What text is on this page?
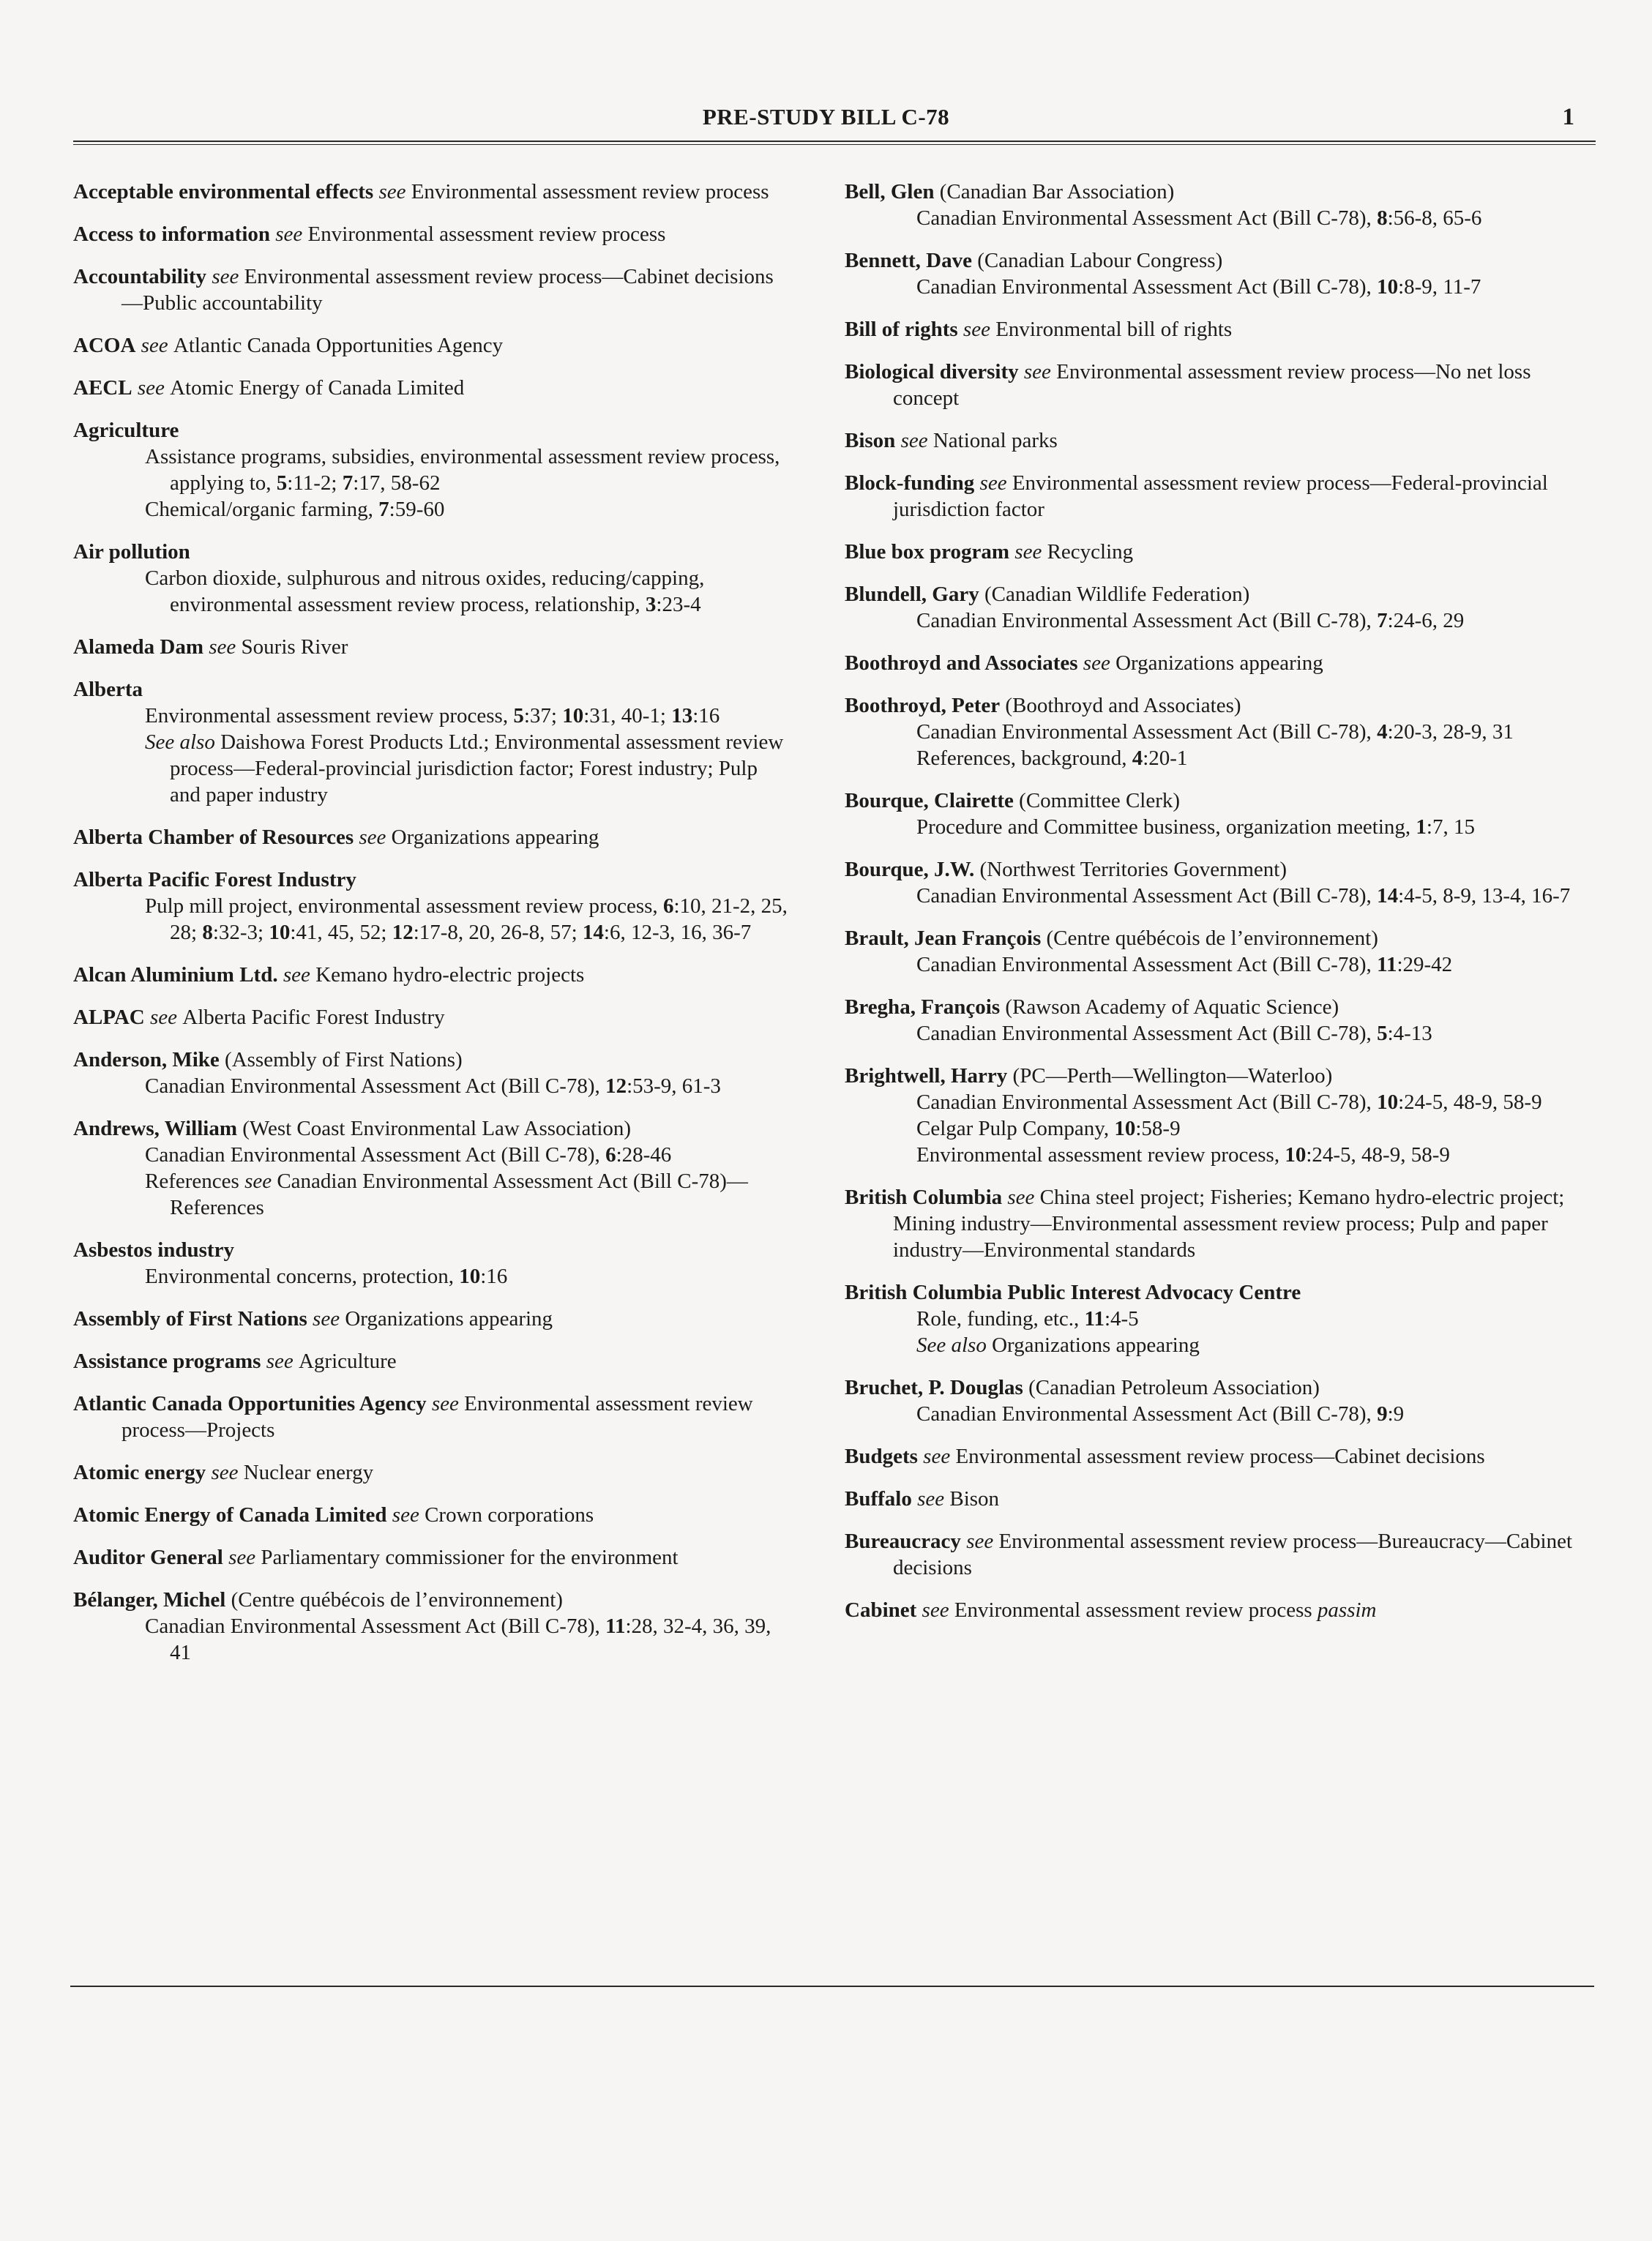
PRE-STUDY BILL C-78	1
Acceptable environmental effects see Environmental assessment review process
Access to information see Environmental assessment review process
Accountability see Environmental assessment review process—Cabinet decisions—Public accountability
ACOA see Atlantic Canada Opportunities Agency
AECL see Atomic Energy of Canada Limited
Agriculture
Assistance programs, subsidies, environmental assessment review process, applying to, 5:11-2; 7:17, 58-62
Chemical/organic farming, 7:59-60
Air pollution
Carbon dioxide, sulphurous and nitrous oxides, reducing/capping, environmental assessment review process, relationship, 3:23-4
Alameda Dam see Souris River
Alberta
Environmental assessment review process, 5:37; 10:31, 40-1; 13:16
See also Daishowa Forest Products Ltd.; Environmental assessment review process—Federal-provincial jurisdiction factor; Forest industry; Pulp and paper industry
Alberta Chamber of Resources see Organizations appearing
Alberta Pacific Forest Industry
Pulp mill project, environmental assessment review process, 6:10, 21-2, 25, 28; 8:32-3; 10:41, 45, 52; 12:17-8, 20, 26-8, 57; 14:6, 12-3, 16, 36-7
Alcan Aluminium Ltd. see Kemano hydro-electric projects
ALPAC see Alberta Pacific Forest Industry
Anderson, Mike (Assembly of First Nations)
Canadian Environmental Assessment Act (Bill C-78), 12:53-9, 61-3
Andrews, William (West Coast Environmental Law Association)
Canadian Environmental Assessment Act (Bill C-78), 6:28-46
References see Canadian Environmental Assessment Act (Bill C-78)—References
Asbestos industry
Environmental concerns, protection, 10:16
Assembly of First Nations see Organizations appearing
Assistance programs see Agriculture
Atlantic Canada Opportunities Agency see Environmental assessment review process—Projects
Atomic energy see Nuclear energy
Atomic Energy of Canada Limited see Crown corporations
Auditor General see Parliamentary commissioner for the environment
Bélanger, Michel (Centre québécois de l’environnement)
Canadian Environmental Assessment Act (Bill C-78), 11:28, 32-4, 36, 39, 41
Bell, Glen (Canadian Bar Association)
Canadian Environmental Assessment Act (Bill C-78), 8:56-8, 65-6
Bennett, Dave (Canadian Labour Congress)
Canadian Environmental Assessment Act (Bill C-78), 10:8-9, 11-7
Bill of rights see Environmental bill of rights
Biological diversity see Environmental assessment review process—No net loss concept
Bison see National parks
Block-funding see Environmental assessment review process—Federal-provincial jurisdiction factor
Blue box program see Recycling
Blundell, Gary (Canadian Wildlife Federation)
Canadian Environmental Assessment Act (Bill C-78), 7:24-6, 29
Boothroyd and Associates see Organizations appearing
Boothroyd, Peter (Boothroyd and Associates)
Canadian Environmental Assessment Act (Bill C-78), 4:20-3, 28-9, 31
References, background, 4:20-1
Bourque, Clairette (Committee Clerk)
Procedure and Committee business, organization meeting, 1:7, 15
Bourque, J.W. (Northwest Territories Government)
Canadian Environmental Assessment Act (Bill C-78), 14:4-5, 8-9, 13-4, 16-7
Brault, Jean François (Centre québécois de l’environnement)
Canadian Environmental Assessment Act (Bill C-78), 11:29-42
Bregha, François (Rawson Academy of Aquatic Science)
Canadian Environmental Assessment Act (Bill C-78), 5:4-13
Brightwell, Harry (PC—Perth—Wellington—Waterloo)
Canadian Environmental Assessment Act (Bill C-78), 10:24-5, 48-9, 58-9
Celgar Pulp Company, 10:58-9
Environmental assessment review process, 10:24-5, 48-9, 58-9
British Columbia see China steel project; Fisheries; Kemano hydro-electric project; Mining industry—Environmental assessment review process; Pulp and paper industry—Environmental standards
British Columbia Public Interest Advocacy Centre
Role, funding, etc., 11:4-5
See also Organizations appearing
Bruchet, P. Douglas (Canadian Petroleum Association)
Canadian Environmental Assessment Act (Bill C-78), 9:9
Budgets see Environmental assessment review process—Cabinet decisions
Buffalo see Bison
Bureaucracy see Environmental assessment review process—Bureaucracy—Cabinet decisions
Cabinet see Environmental assessment review process passim
